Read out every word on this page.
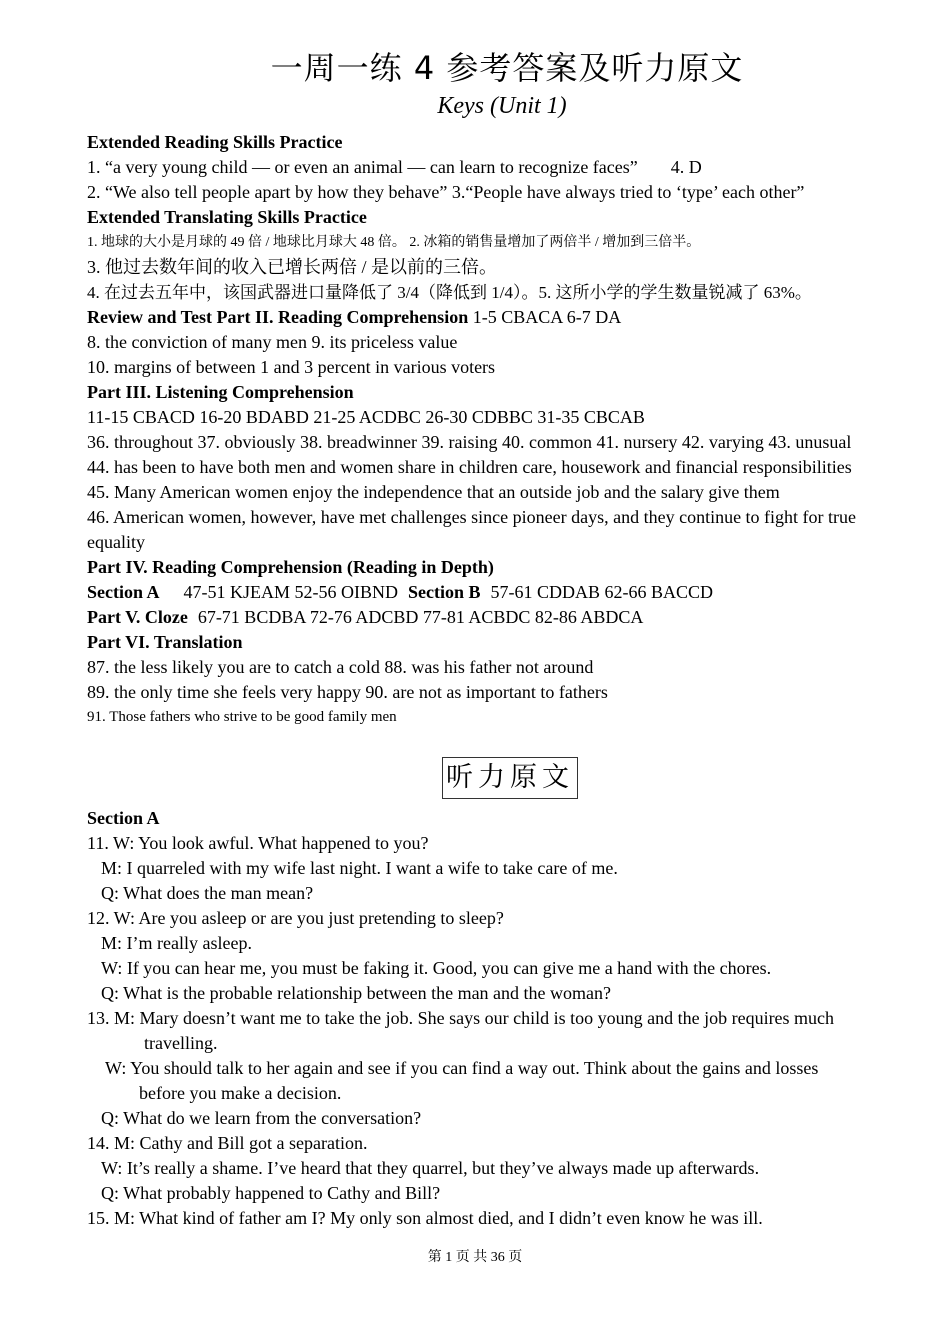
一周一练 4 参考答案及听力原文
Keys (Unit 1)
Extended Reading Skills Practice
1. “a very young child — or even an animal — can learn to recognize faces” 4. D
2. “We also tell people apart by how they behave” 3.“People have always tried to ‘type’ each other”
Extended Translating Skills Practice
1. 地球的大小是月球的 49 倍 / 地球比月球大 48 倍。 2. 冰箱的销售量增加了两倍半 / 增加到三倍半。
3. 他过去数年间的收入已增长两倍 / 是以前的三倍。
4. 在过去五年中，该国武器进口量降低了 3/4（降低到 1/4）。5. 这所小学的学生数量锐减了 63%。
Review and Test Part II. Reading Comprehension 1-5 CBACA 6-7 DA
8. the conviction of many men 9. its priceless value
10. margins of between 1 and 3 percent in various voters
Part III. Listening Comprehension
11-15 CBACD 16-20 BDABD 21-25 ACDBC 26-30 CDBBC 31-35 CBCAB
36. throughout 37. obviously 38. breadwinner 39. raising 40. common 41. nursery 42. varying 43. unusual
44. has been to have both men and women share in children care, housework and financial responsibilities
45. Many American women enjoy the independence that an outside job and the salary give them
46. American women, however, have met challenges since pioneer days, and they continue to fight for true equality
Part IV. Reading Comprehension (Reading in Depth)
Section A 47-51 KJEAM 52-56 OIBND Section B 57-61 CDDAB 62-66 BACCD
Part V. Cloze 67-71 BCDBA 72-76 ADCBD 77-81 ACBDC 82-86 ABDCA
Part VI. Translation
87. the less likely you are to catch a cold 88. was his father not around
89. the only time she feels very happy 90. are not as important to fathers
91. Those fathers who strive to be good family men
听力原文
Section A
11. W: You look awful. What happened to you?
M: I quarreled with my wife last night. I want a wife to take care of me.
Q: What does the man mean?
12. W: Are you asleep or are you just pretending to sleep?
M: I’m really asleep.
W: If you can hear me, you must be faking it. Good, you can give me a hand with the chores.
Q: What is the probable relationship between the man and the woman?
13. M: Mary doesn’t want me to take the job. She says our child is too young and the job requires much
travelling.
W: You should talk to her again and see if you can find a way out. Think about the gains and losses
before you make a decision.
Q: What do we learn from the conversation?
14. M: Cathy and Bill got a separation.
W: It’s really a shame. I’ve heard that they quarrel, but they’ve always made up afterwards.
Q: What probably happened to Cathy and Bill?
15. M: What kind of father am I? My only son almost died, and I didn’t even know he was ill.
第 1 页 共 36 页
